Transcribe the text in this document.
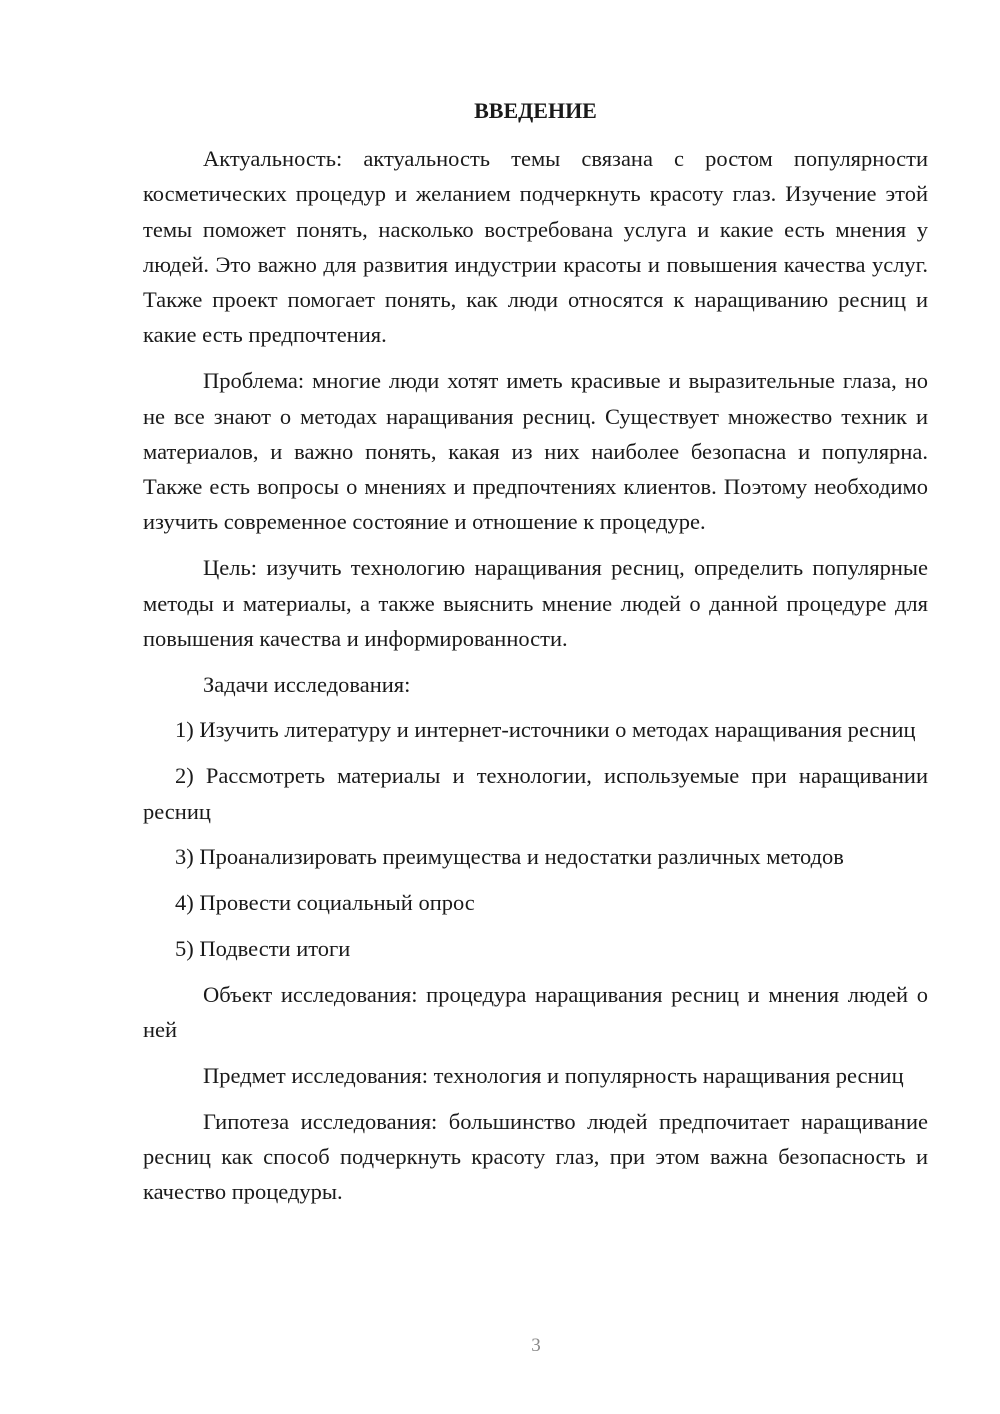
ВВЕДЕНИЕ

Актуальность: актуальность темы связана с ростом популярности косметических процедур и желанием подчеркнуть красоту глаз. Изучение этой темы поможет понять, насколько востребована услуга и какие есть мнения у людей. Это важно для развития индустрии красоты и повышения качества услуг. Также проект помогает понять, как люди относятся к наращиванию ресниц и какие есть предпочтения.

Проблема: многие люди хотят иметь красивые и выразительные глаза, но не все знают о методах наращивания ресниц. Существует множество техник и материалов, и важно понять, какая из них наиболее безопасна и популярна. Также есть вопросы о мнениях и предпочтениях клиентов. Поэтому необходимо изучить современное состояние и отношение к процедуре.

Цель: изучить технологию наращивания ресниц, определить популярные методы и материалы, а также выяснить мнение людей о данной процедуре для повышения качества и информированности.

Задачи исследования:

1) Изучить литературу и интернет-источники о методах наращивания ресниц

2) Рассмотреть материалы и технологии, используемые при наращивании ресниц

3) Проанализировать преимущества и недостатки различных методов

4) Провести социальный опрос

5) Подвести итоги

Объект исследования: процедура наращивания ресниц и мнения людей о ней

Предмет исследования: технология и популярность наращивания ресниц

Гипотеза исследования: большинство людей предпочитает наращивание ресниц как способ подчеркнуть красоту глаз, при этом важна безопасность и качество процедуры.

3
